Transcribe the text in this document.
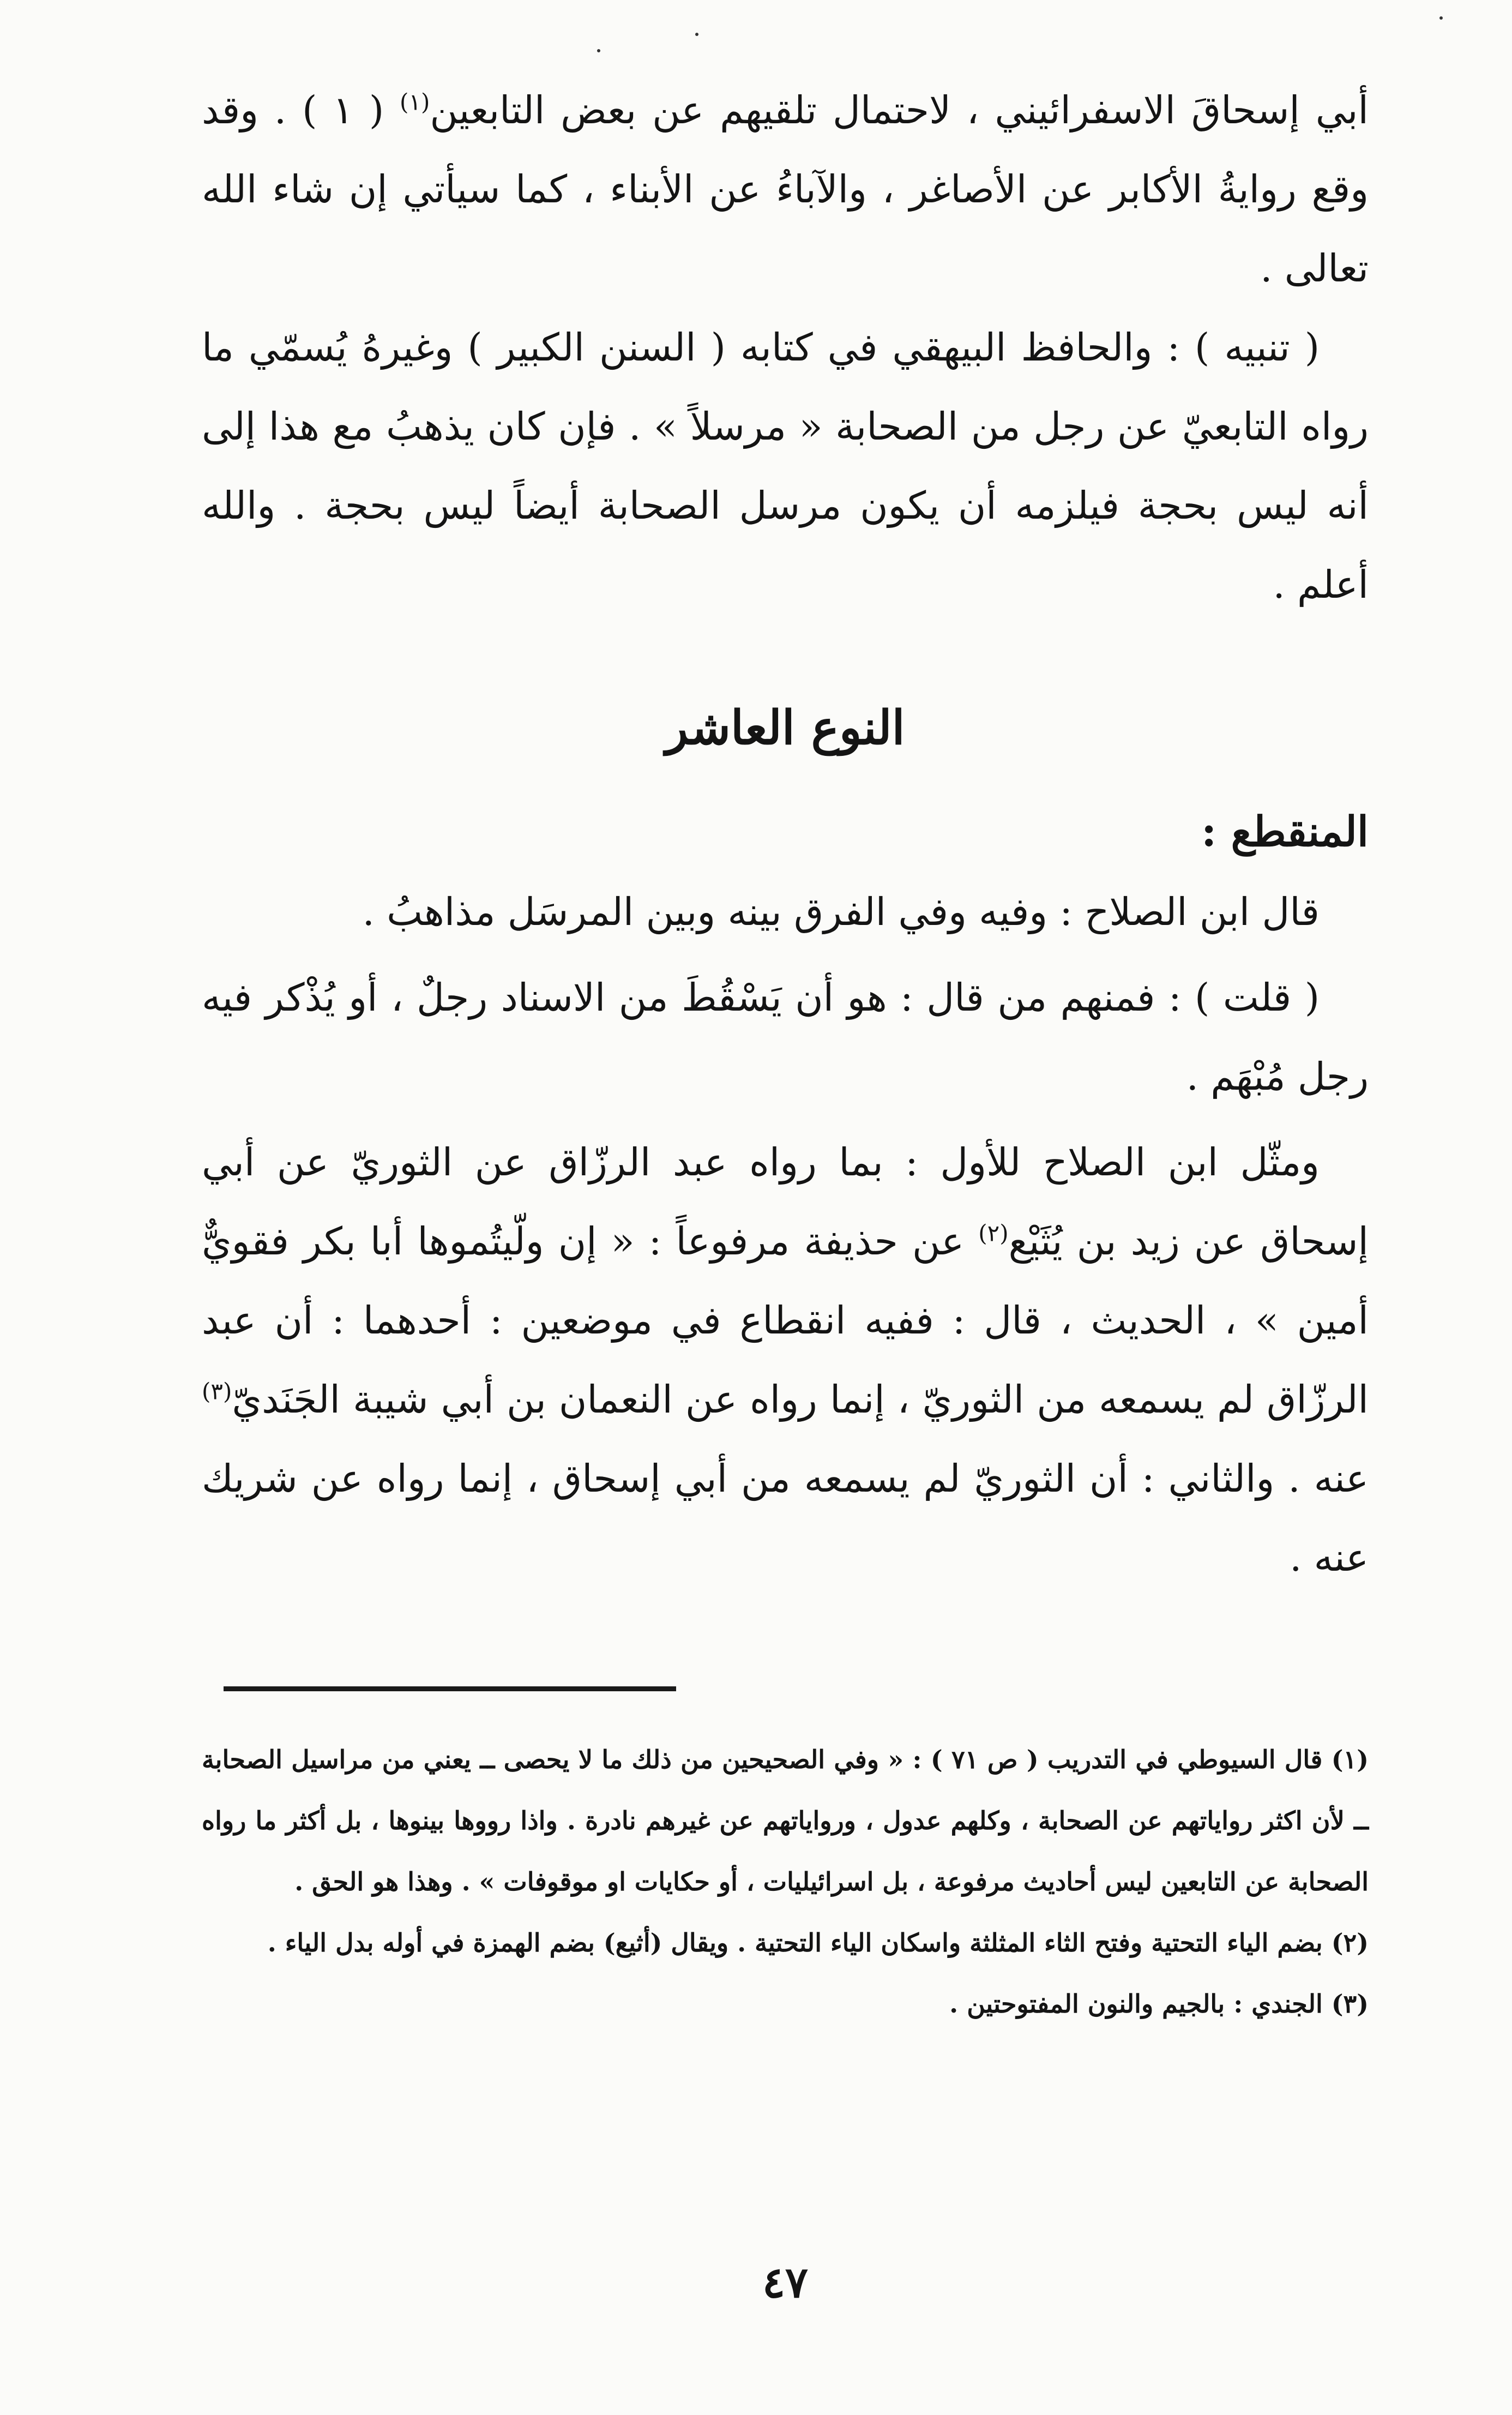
أبي إسحاقَ الاسفرائيني ، لاحتمال تلقيهم عن بعض التابعين$^{(١)}$ ( ١ ) . وقد وقع روايةُ الأكابر عن الأصاغر ، والآباءُ عن الأبناء ، كما سيأتي إن شاء الله تعالى .

( تنبيه ) : والحافظ البيهقي في كتابه ( السنن الكبير ) وغيرهُ يُسمّي ما رواه التابعيّ عن رجل من الصحابة « مرسلاً » . فإن كان يذهبُ مع هذا إلى أنه ليس بحجة فيلزمه أن يكون مرسل الصحابة أيضاً ليس بحجة . والله أعلم .

النوع العاشر
المنقطع :

قال ابن الصلاح : وفيه وفي الفرق بينه وبين المرسَل مذاهبُ .

( قلت ) : فمنهم من قال : هو أن يَسْقُطَ من الاسناد رجلٌ ، أو يُذْكر فيه رجل مُبْهَم .

ومثّل ابن الصلاح للأول : بما رواه عبد الرزّاق عن الثوريّ عن أبي إسحاق عن زيد بن يُثَيْع$^{(٢)}$ عن حذيفة مرفوعاً : « إن ولّيتُموها أبا بكر فقويٌّ أمين » ، الحديث ، قال : ففيه انقطاع في موضعين : أحدهما : أن عبد الرزّاق لم يسمعه من الثوريّ ، إنما رواه عن النعمان بن أبي شيبة الجَنَديّ$^{(٣)}$ عنه . والثاني : أن الثوريّ لم يسمعه من أبي إسحاق ، إنما رواه عن شريك عنه .

(١) قال السيوطي في التدريب ( ص ٧١ ) : « وفي الصحيحين من ذلك ما لا يحصى ــ يعني من مراسيل الصحابة ــ لأن اكثر رواياتهم عن الصحابة ، وكلهم عدول ، ورواياتهم عن غيرهم نادرة . واذا رووها بينوها ، بل أكثر ما رواه الصحابة عن التابعين ليس أحاديث مرفوعة ، بل اسرائيليات ، أو حكايات او موقوفات » . وهذا هو الحق .

(٢) بضم الياء التحتية وفتح الثاء المثلثة واسكان الياء التحتية . ويقال (أثيع) بضم الهمزة في أوله بدل الياء .

(٣) الجندي : بالجيم والنون المفتوحتين .

٤٧
